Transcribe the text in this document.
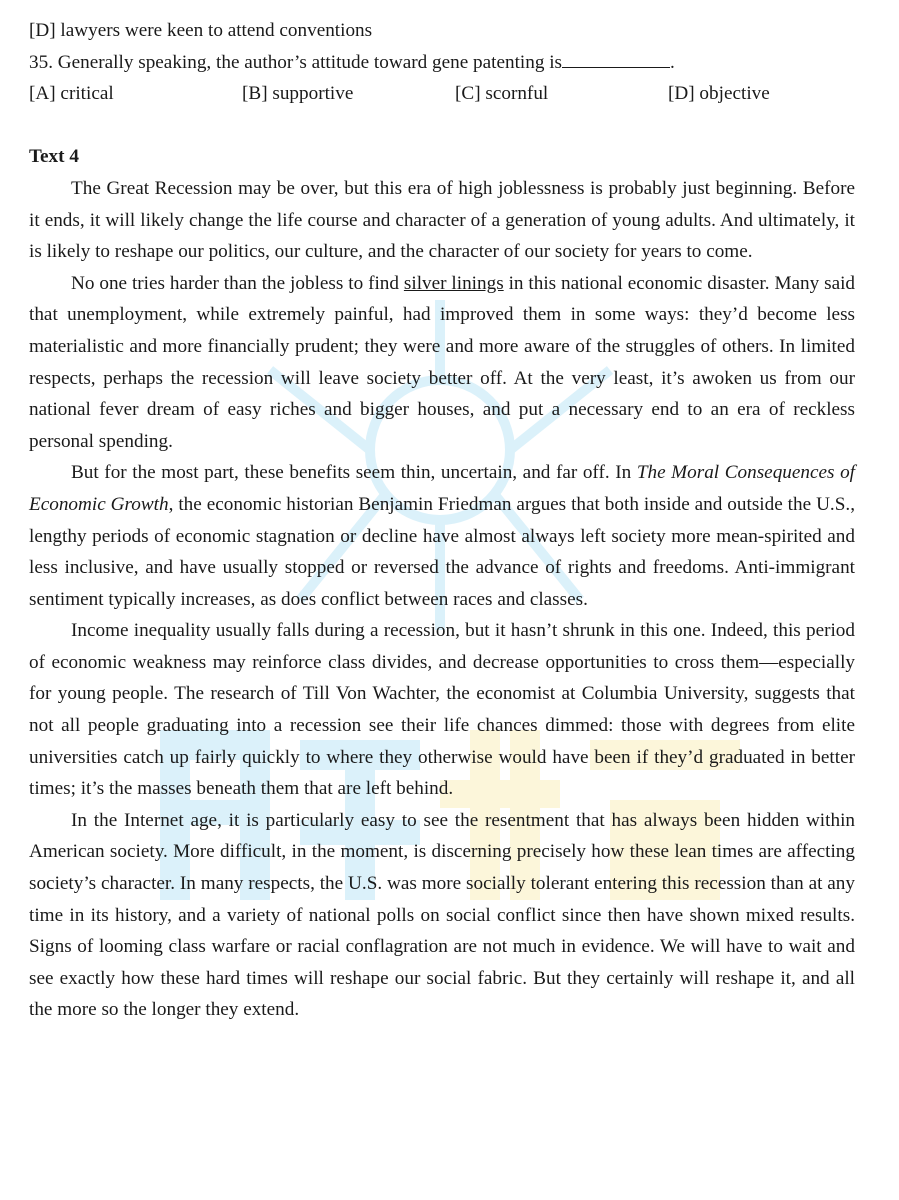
[D] lawyers were keen to attend conventions
35. Generally speaking, the author’s attitude toward gene patenting is	.
[A] critical	[B] supportive	[C] scornful	[D] objective
Text 4

The Great Recession may be over, but this era of high joblessness is probably just beginning. Before it ends, it will likely change the life course and character of a generation of young adults. And ultimately, it is likely to reshape our politics, our culture, and the character of our society for years to come.

No one tries harder than the jobless to find silver linings in this national economic disaster. Many said that unemployment, while extremely painful, had improved them in some ways: they’d become less materialistic and more financially prudent; they were and more aware of the struggles of others. In limited respects, perhaps the recession will leave society better off. At the very least, it’s awoken us from our national fever dream of easy riches and bigger houses, and put a necessary end to an era of reckless personal spending.

But for the most part, these benefits seem thin, uncertain, and far off. In The Moral Consequences of Economic Growth, the economic historian Benjamin Friedman argues that both inside and outside the U.S., lengthy periods of economic stagnation or decline have almost always left society more mean-spirited and less inclusive, and have usually stopped or reversed the advance of rights and freedoms. Anti-immigrant sentiment typically increases, as does conflict between races and classes.

Income inequality usually falls during a recession, but it hasn’t shrunk in this one. Indeed, this period of economic weakness may reinforce class divides, and decrease opportunities to cross them—especially for young people. The research of Till Von Wachter, the economist at Columbia University, suggests that not all people graduating into a recession see their life chances dimmed: those with degrees from elite universities catch up fairly quickly to where they otherwise would have been if they’d graduated in better times; it’s the masses beneath them that are left behind.

In the Internet age, it is particularly easy to see the resentment that has always been hidden within American society. More difficult, in the moment, is discerning precisely how these lean times are affecting society’s character. In many respects, the U.S. was more socially tolerant entering this recession than at any time in its history, and a variety of national polls on social conflict since then have shown mixed results. Signs of looming class warfare or racial conflagration are not much in evidence. We will have to wait and see exactly how these hard times will reshape our social fabric. But they certainly will reshape it, and all the more so the longer they extend.
